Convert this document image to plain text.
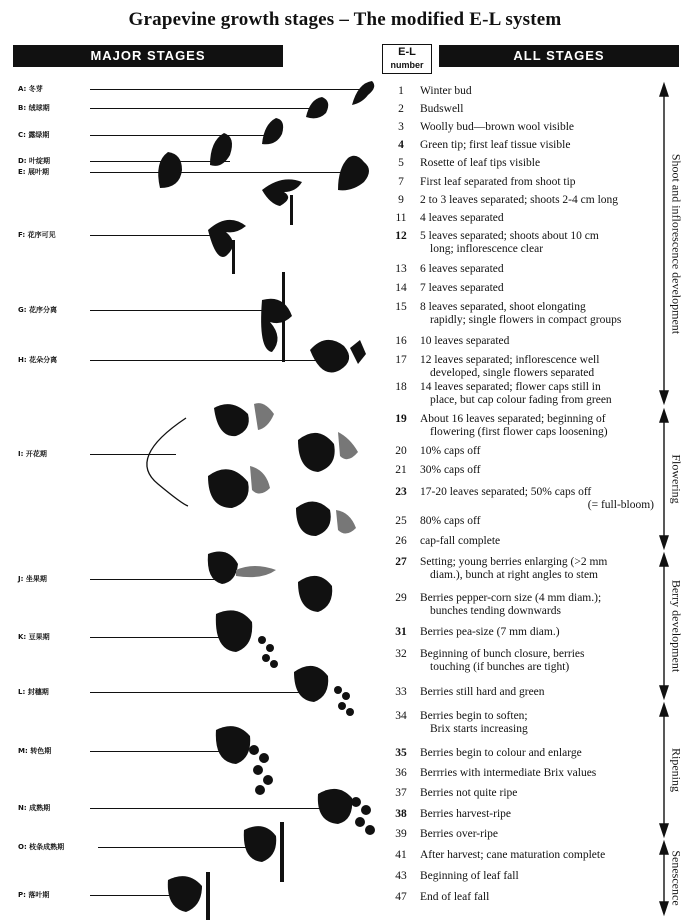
Grapevine growth stages – The modified E-L system
MAJOR STAGES	E-L
number
ALL STAGES
A: 冬芽
B: 绒球期
C: 露绿期
D: 叶绽期
E: 展叶期
F: 花序可见
G: 花序分离
H: 花朵分离
I: 开花期
J: 坐果期
K: 豆果期
L: 封穗期
M: 转色期
N: 成熟期
O: 枝条成熟期
P: 落叶期
1	Winter bud
2	Budswell
3	Woolly bud—brown wool visible
4	Green tip; first leaf tissue visible
5	Rosette of leaf tips visible
7	First leaf separated from shoot tip
9	2 to 3 leaves separated; shoots 2-4 cm long
11	4 leaves separated
12	5 leaves separated; shoots about 10 cm
long; inflorescence clear
13	6 leaves separated
14	7 leaves separated
15	8 leaves separated, shoot elongating
rapidly; single flowers in compact groups
16	10 leaves separated
17	12 leaves separated; inflorescence well
developed, single flowers separated
18	14 leaves separated; flower caps still in
place, but cap colour fading from green
19	About 16 leaves separated; beginning of
flowering (first flower caps loosening)
20	10% caps off
21	30% caps off
23	17-20 leaves separated; 50% caps off
(= full-bloom)
25	80% caps off
26	cap-fall complete
27	Setting; young berries enlarging (>2 mm
diam.), bunch at right angles to stem
29	Berries pepper-corn size (4 mm diam.);
bunches tending downwards
31	Berries pea-size (7 mm diam.)
32	Beginning of bunch closure, berries
touching (if bunches are tight)
33	Berries still hard and green
34	Berries begin to soften;
Brix starts increasing
35	Berries begin to colour and enlarge
36	Berrries with intermediate Brix values
37	Berries not quite ripe
38	Berries harvest-ripe
39	Berries over-ripe
41	After harvest; cane maturation complete
43	Beginning of leaf fall
47	End of leaf fall
Shoot and inflorescence development
Flowering
Berry development
Ripening
Senescence
